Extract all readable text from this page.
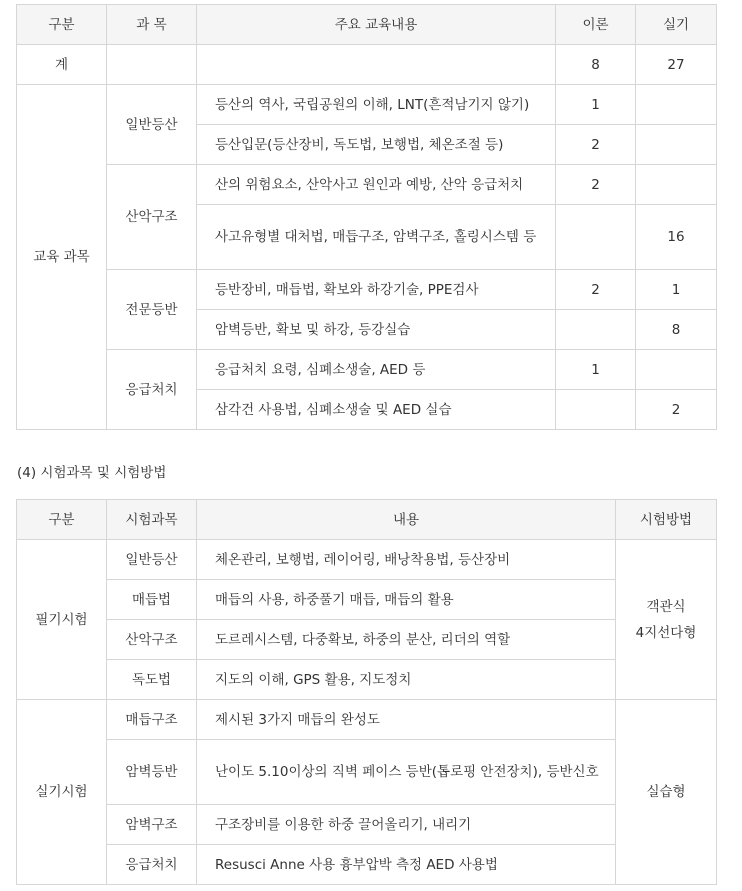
구분	과 목	주요 교육내용	이론	실기
계			8	27
교육 과목	일반등산	등산의 역사, 국립공원의 이해, LNT(흔적남기지 않기)	1	
		등산입문(등산장비, 독도법, 보행법, 체온조절 등)	2	
	산악구조	산의 위험요소, 산악사고 원인과 예방, 산악 응급처치	2	
		사고유형별 대처법, 매듭구조, 암벽구조, 홀링시스템 등		16
	전문등반	등반장비, 매듭법, 확보와 하강기술, PPE검사	2	1
		암벽등반, 확보 및 하강, 등강실습		8
	응급처치	응급처치 요령, 심폐소생술, AED 등	1	
		삼각건 사용법, 심폐소생술 및 AED 실습		2
(4) 시험과목 및 시험방법
구분	시험과목	내용	시험방법
필기시험	일반등산	체온관리, 보행법, 레이어링, 배낭착용법, 등산장비	객관식
4지선다형

	매듭법	매듭의 사용, 하중풀기 매듭, 매듭의 활용	
	산악구조	도르레시스템, 다중확보, 하중의 분산, 리더의 역할	
	독도법	지도의 이해, GPS 활용, 지도정치	
실기시험	매듭구조	제시된 3가지 매듭의 완성도	실습형
	암벽등반	난이도 5.10이상의 직벽 페이스 등반(톱로핑 안전장치), 등반신호	
	암벽구조	구조장비를 이용한 하중 끌어올리기, 내리기	
	응급처치	Resusci Anne 사용 흉부압박 측정 AED 사용법	
